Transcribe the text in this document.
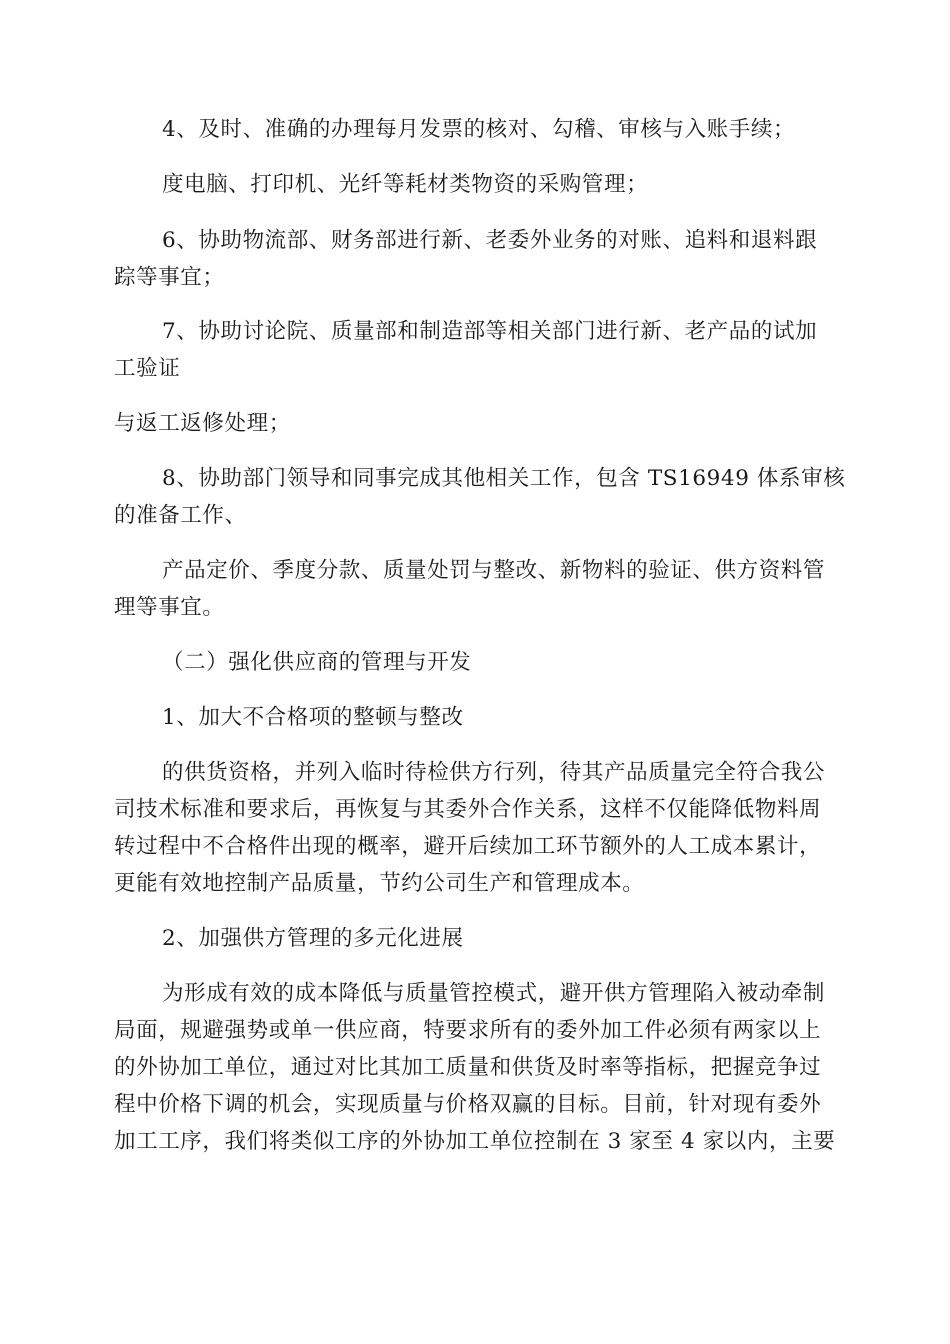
4、及时、准确的办理每月发票的核对、勾稽、审核与入账手续；

度电脑、打印机、光纤等耗材类物资的采购管理；

6、协助物流部、财务部进行新、老委外业务的对账、追料和退料跟
踪等事宜；

7、协助讨论院、质量部和制造部等相关部门进行新、老产品的试加
工验证

与返工返修处理；

8、协助部门领导和同事完成其他相关工作，包含 TS16949 体系审核
的准备工作、

产品定价、季度分款、质量处罚与整改、新物料的验证、供方资料管
理等事宜。

（二）强化供应商的管理与开发

1、加大不合格项的整顿与整改

的供货资格，并列入临时待检供方行列，待其产品质量完全符合我公
司技术标准和要求后，再恢复与其委外合作关系，这样不仅能降低物料周
转过程中不合格件出现的概率，避开后续加工环节额外的人工成本累计，
更能有效地控制产品质量，节约公司生产和管理成本。

2、加强供方管理的多元化进展

为形成有效的成本降低与质量管控模式，避开供方管理陷入被动牵制
局面，规避强势或单一供应商，特要求所有的委外加工件必须有两家以上
的外协加工单位，通过对比其加工质量和供货及时率等指标，把握竞争过
程中价格下调的机会，实现质量与价格双赢的目标。目前，针对现有委外
加工工序，我们将类似工序的外协加工单位控制在 3 家至 4 家以内，主要
